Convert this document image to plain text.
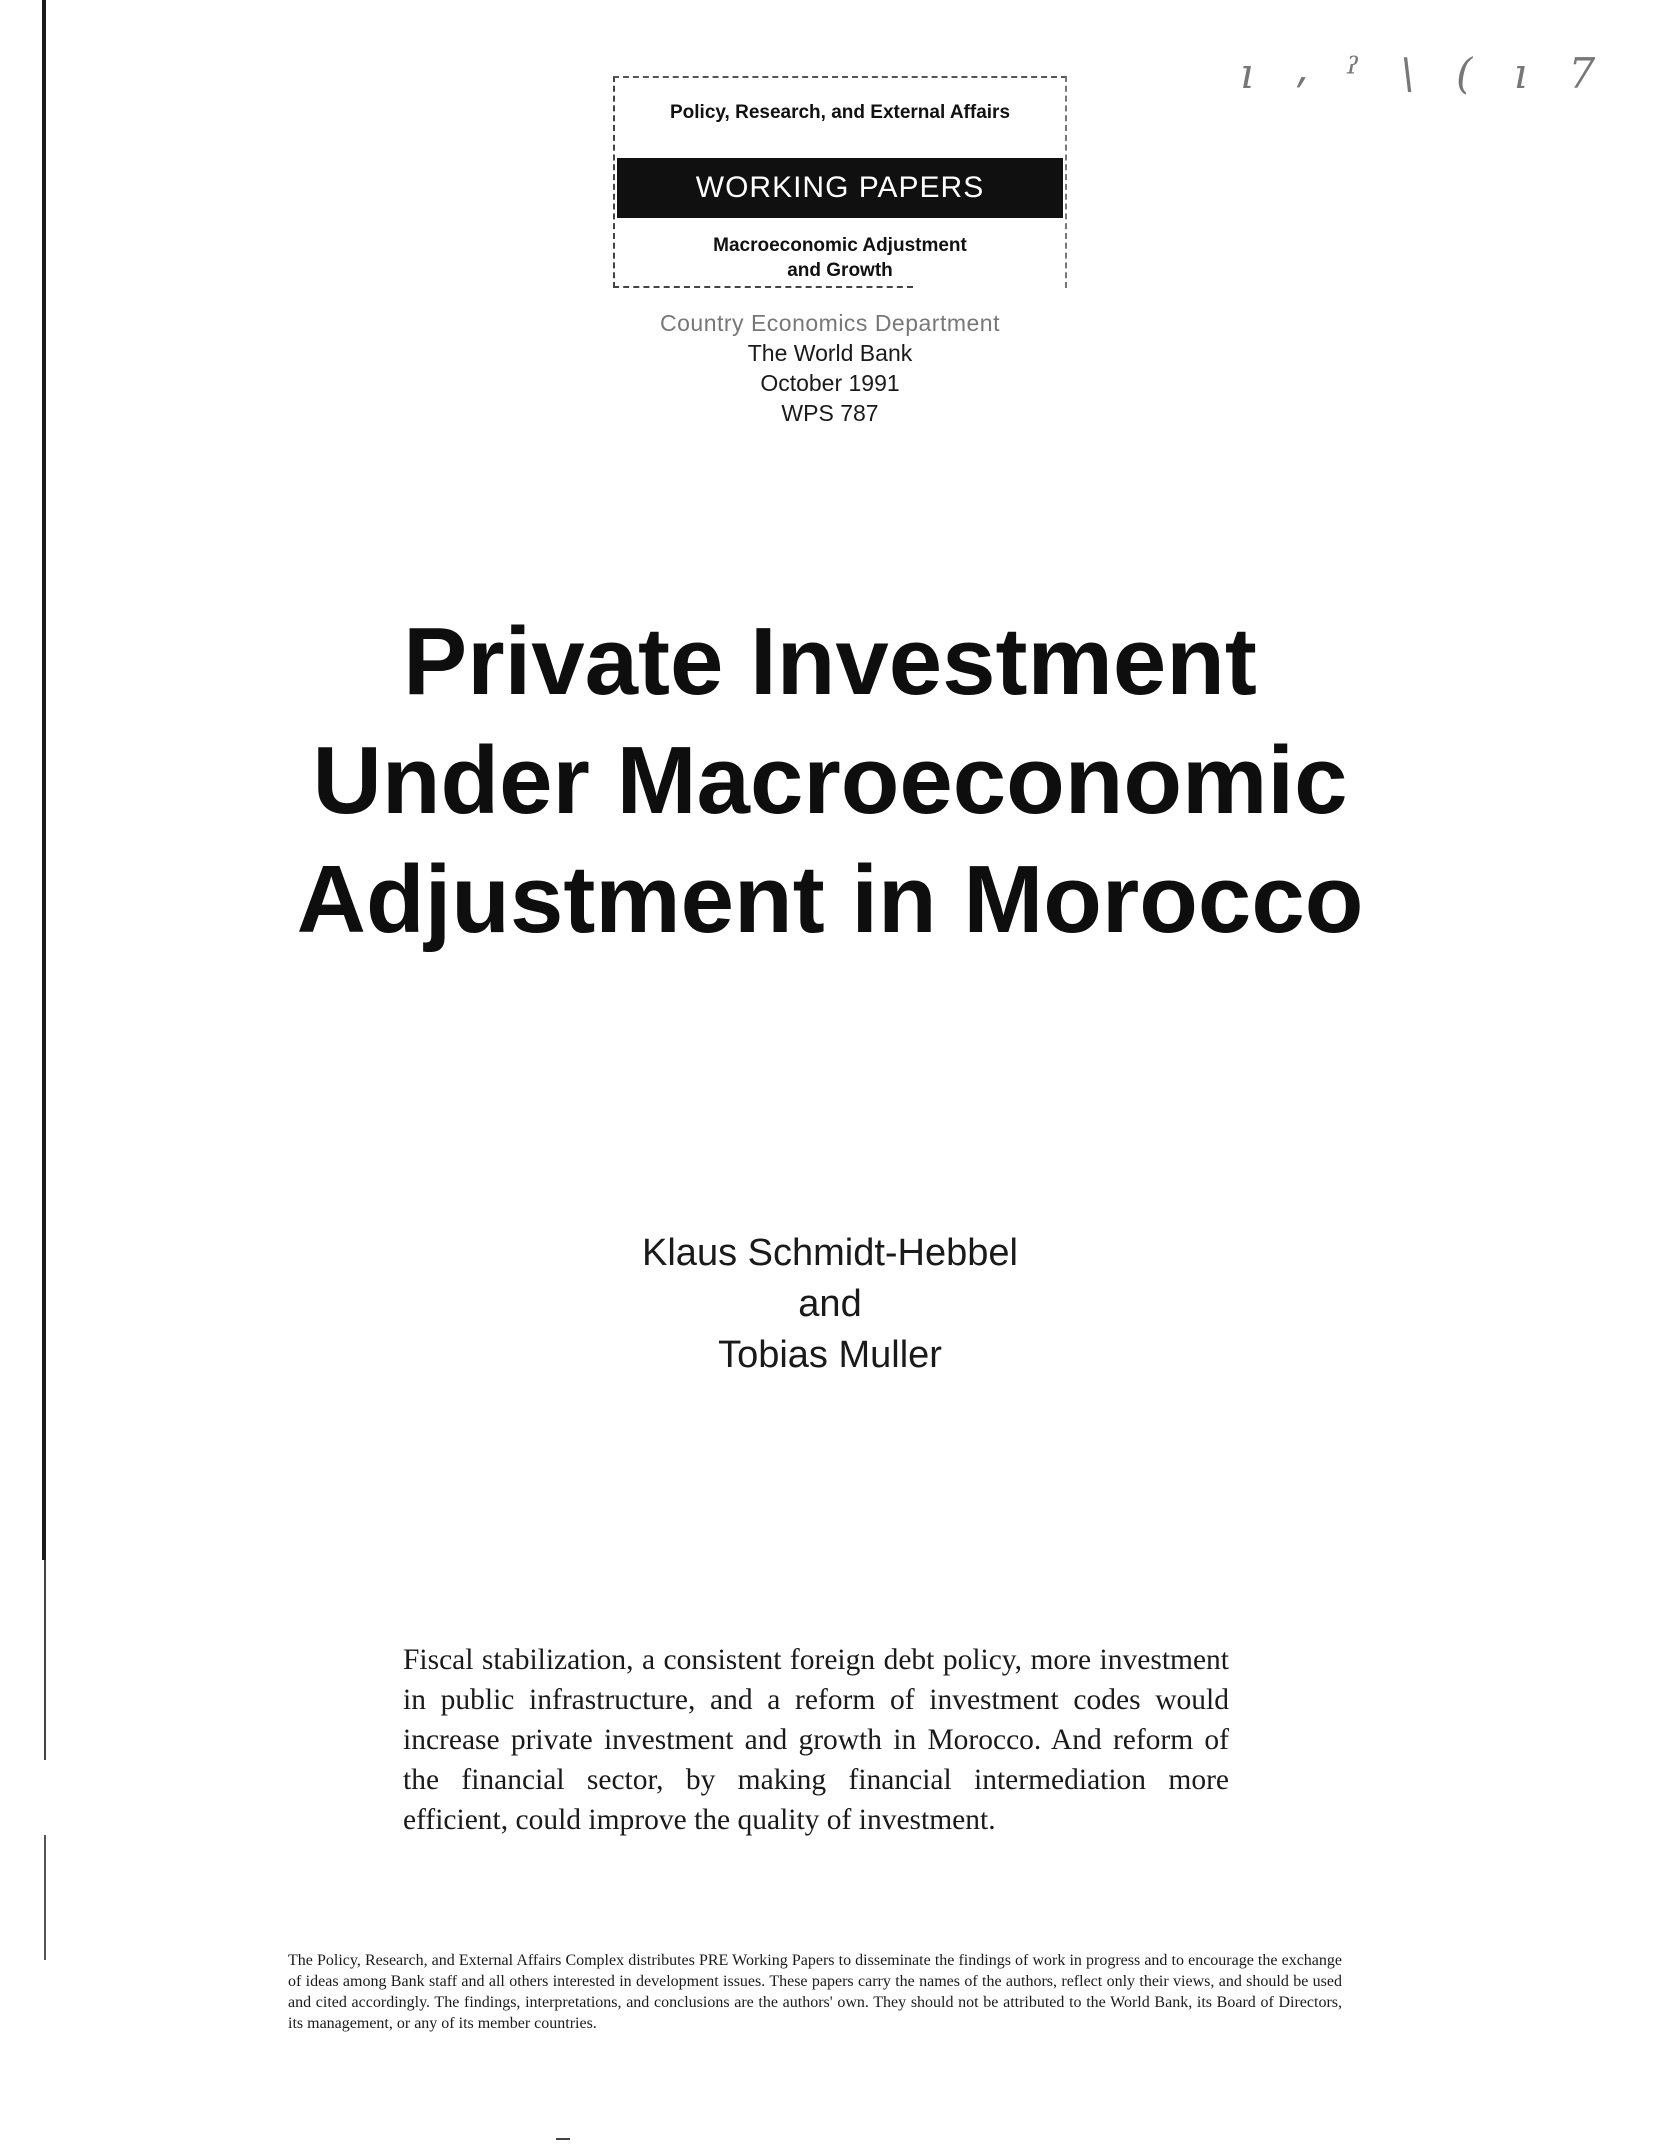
Policy, Research, and External Affairs
WORKING PAPERS
Macroeconomic Adjustment
and Growth
ı ⸴ ˀ \ ( ı 7
Country Economics Department
The World Bank
October 1991
WPS 787
Private Investment
Under Macroeconomic
Adjustment in Morocco
Klaus Schmidt-Hebbel
and
Tobias Muller
Fiscal stabilization, a consistent foreign debt policy, more investment in public infrastructure, and a reform of investment codes would increase private investment and growth in Morocco. And reform of the financial sector, by making financial intermediation more efficient, could improve the quality of investment.
The Policy, Research, and External Affairs Complex distributes PRE Working Papers to disseminate the findings of work in progress and to encourage the exchange of ideas among Bank staff and all others interested in development issues. These papers carry the names of the authors, reflect only their views, and should be used and cited accordingly. The findings, interpretations, and conclusions are the authors' own. They should not be attributed to the World Bank, its Board of Directors, its management, or any of its member countries.
